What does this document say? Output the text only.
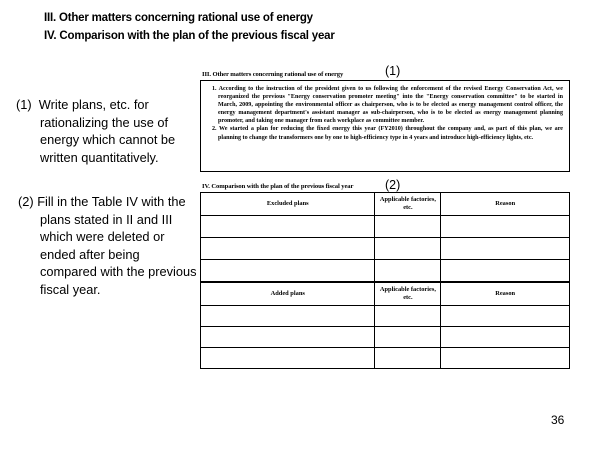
III. Other matters concerning rational use of energy
IV. Comparison with the plan of the previous fiscal year
(1) Write plans, etc. for rationalizing the use of energy which cannot be written quantitatively.
(2) Fill in the Table IV with the plans stated in II and III which were deleted or ended after being compared with the previous fiscal year.
(1)
(2)
III. Other matters concerning rational use of energy

1. According to the instruction of the president given to us following the enforcement of the revised Energy Conservation Act, we reorganized the previous "Energy conservation promoter meeting" into the "Energy conservation committee" to be started in March, 2009, appointing the environmental officer as chairperson, who is to be elected as energy management control officer, the energy management department's assistant manager as sub-chairperson, who is to be elected as energy management planning promoter, and taking one manager from each workplace as committee member.

2. We started a plan for reducing the fixed energy this year (FY2010) throughout the company and, as part of this plan, we are planning to change the transformers one by one to high-efficiency type in 4 years and introduce high-efficiency lights, etc.

IV. Comparison with the plan of the previous fiscal year
Excluded plans	Applicable factories, etc.	Reason

Added plans	Applicable factories, etc.	Reason

36
